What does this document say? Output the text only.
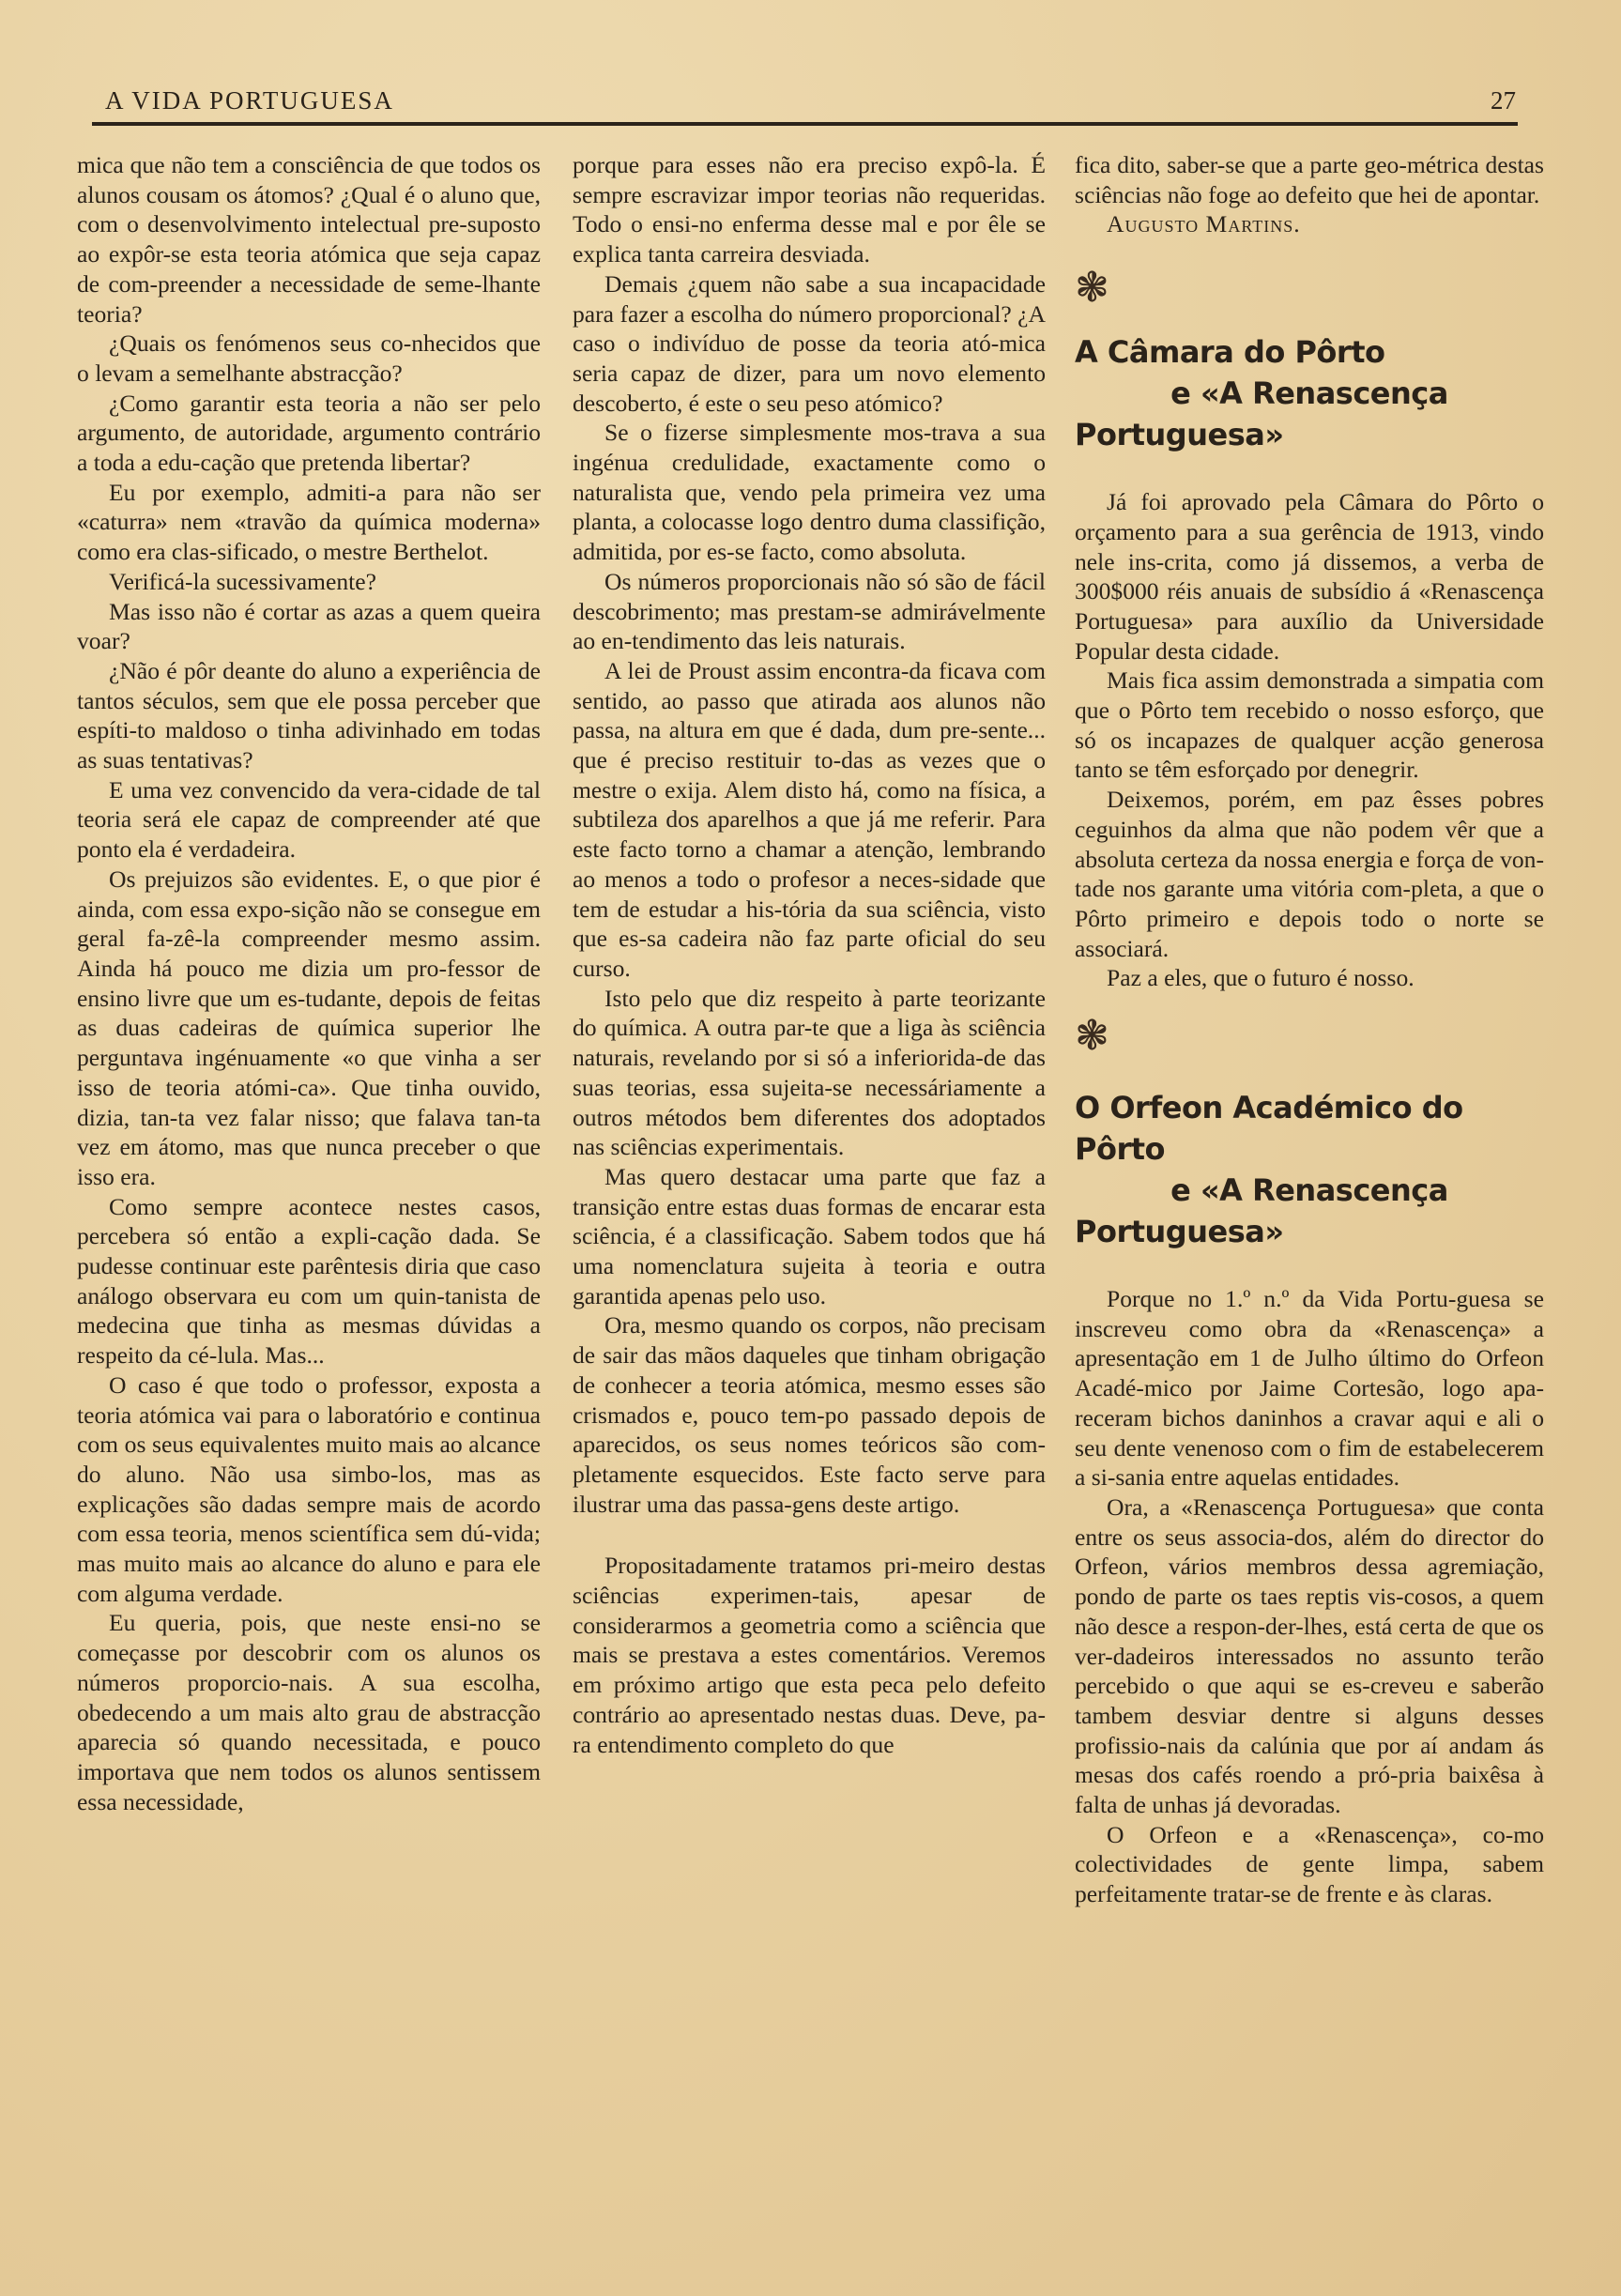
A VIDA PORTUGUESA	27

mica que não tem a consciência de que todos os alunos cousam os átomos? ¿Qual é o aluno que, com o desenvolvimento intelectual pre-suposto ao expôr-se esta teoria atómica que seja capaz de com-preender a necessidade de seme-lhante teoria?

¿Quais os fenómenos seus co-nhecidos que o levam a semelhante abstracção?

¿Como garantir esta teoria a não ser pelo argumento, de autoridade, argumento contrário a toda a edu-cação que pretenda libertar?

Eu por exemplo, admiti-a para não ser «caturra» nem «travão da química moderna» como era clas-sificado, o mestre Berthelot.

Verificá-la sucessivamente?

Mas isso não é cortar as azas a quem queira voar?

¿Não é pôr deante do aluno a experiência de tantos séculos, sem que ele possa perceber que espíti-to maldoso o tinha adivinhado em todas as suas tentativas?

E uma vez convencido da vera-cidade de tal teoria será ele capaz de compreender até que ponto ela é verdadeira.

Os prejuizos são evidentes. E, o que pior é ainda, com essa expo-sição não se consegue em geral fa-zê-la compreender mesmo assim. Ainda há pouco me dizia um pro-fessor de ensino livre que um es-tudante, depois de feitas as duas cadeiras de química superior lhe perguntava ingénuamente «o que vinha a ser isso de teoria atómi-ca». Que tinha ouvido, dizia, tan-ta vez falar nisso; que falava tan-ta vez em átomo, mas que nunca preceber o que isso era.

Como sempre acontece nestes casos, percebera só então a expli-cação dada. Se pudesse continuar este parêntesis diria que caso análogo observara eu com um quin-tanista de medecina que tinha as mesmas dúvidas a respeito da cé-lula. Mas...

O caso é que todo o professor, exposta a teoria atómica vai para o laboratório e continua com os seus equivalentes muito mais ao alcance do aluno. Não usa simbo-los, mas as explicações são dadas sempre mais de acordo com essa teoria, menos scientífica sem dú-vida; mas muito mais ao alcance do aluno e para ele com alguma verdade.

Eu queria, pois, que neste ensi-no se começasse por descobrir com os alunos os números proporcio-nais. A sua escolha, obedecendo a um mais alto grau de abstracção aparecia só quando necessitada, e pouco importava que nem todos os alunos sentissem essa necessidade,

porque para esses não era preciso expô-la. É sempre escravizar impor teorias não requeridas. Todo o ensi-no enferma desse mal e por êle se explica tanta carreira desviada.

Demais ¿quem não sabe a sua incapacidade para fazer a escolha do número proporcional? ¿A caso o indivíduo de posse da teoria ató-mica seria capaz de dizer, para um novo elemento descoberto, é este o seu peso atómico?

Se o fizerse simplesmente mos-trava a sua ingénua credulidade, exactamente como o naturalista que, vendo pela primeira vez uma planta, a colocasse logo dentro duma classifição, admitida, por es-se facto, como absoluta.

Os números proporcionais não só são de fácil descobrimento; mas prestam-se admirávelmente ao en-tendimento das leis naturais.

A lei de Proust assim encontra-da ficava com sentido, ao passo que atirada aos alunos não passa, na altura em que é dada, dum pre-sente... que é preciso restituir to-das as vezes que o mestre o exija. Alem disto há, como na física, a subtileza dos aparelhos a que já me referir. Para este facto torno a chamar a atenção, lembrando ao menos a todo o profesor a neces-sidade que tem de estudar a his-tória da sua sciência, visto que es-sa cadeira não faz parte oficial do seu curso.

Isto pelo que diz respeito à parte teorizante do química. A outra par-te que a liga às sciência naturais, revelando por si só a inferiorida-de das suas teorias, essa sujeita-se necessáriamente a outros métodos bem diferentes dos adoptados nas sciências experimentais.

Mas quero destacar uma parte que faz a transição entre estas duas formas de encarar esta sciência, é a classificação. Sabem todos que há uma nomenclatura sujeita à teoria e outra garantida apenas pelo uso.

Ora, mesmo quando os corpos, não precisam de sair das mãos daqueles que tinham obrigação de conhecer a teoria atómica, mesmo esses são crismados e, pouco tem-po passado depois de aparecidos, os seus nomes teóricos são com-pletamente esquecidos. Este facto serve para ilustrar uma das passa-gens deste artigo.

Propositadamente tratamos pri-meiro destas sciências experimen-tais, apesar de considerarmos a geometria como a sciência que mais se prestava a estes comentários. Veremos em próximo artigo que esta peca pelo defeito contrário ao apresentado nestas duas. Deve, pa-ra entendimento completo do que

fica dito, saber-se que a parte geo-métrica destas sciências não foge ao defeito que hei de apontar.

Augusto Martins.

❃

A Câmara do Pôrto

e «A Renascença Portuguesa»

Já foi aprovado pela Câmara do Pôrto o orçamento para a sua gerência de 1913, vindo nele ins-crita, como já dissemos, a verba de 300$000 réis anuais de subsídio á «Renascença Portuguesa» para auxílio da Universidade Popular desta cidade.

Mais fica assim demonstrada a simpatia com que o Pôrto tem recebido o nosso esforço, que só os incapazes de qualquer acção generosa tanto se têm esforçado por denegrir.

Deixemos, porém, em paz êsses pobres ceguinhos da alma que não podem vêr que a absoluta certeza da nossa energia e força de von-tade nos garante uma vitória com-pleta, a que o Pôrto primeiro e depois todo o norte se associará.

Paz a eles, que o futuro é nosso.

❃

O Orfeon Académico do Pôrto

e «A Renascença Portuguesa»

Porque no 1.º n.º da Vida Portu-guesa se inscreveu como obra da «Renascença» a apresentação em 1 de Julho último do Orfeon Acadé-mico por Jaime Cortesão, logo apa-receram bichos daninhos a cravar aqui e ali o seu dente venenoso com o fim de estabelecerem a si-sania entre aquelas entidades.

Ora, a «Renascença Portuguesa» que conta entre os seus associa-dos, além do director do Orfeon, vários membros dessa agremiação, pondo de parte os taes reptis vis-cosos, a quem não desce a respon-der-lhes, está certa de que os ver-dadeiros interessados no assunto terão percebido o que aqui se es-creveu e saberão tambem desviar dentre si alguns desses profissio-nais da calúnia que por aí andam ás mesas dos cafés roendo a pró-pria baixêsa à falta de unhas já devoradas.

O Orfeon e a «Renascença», co-mo colectividades de gente limpa, sabem perfeitamente tratar-se de frente e às claras.
